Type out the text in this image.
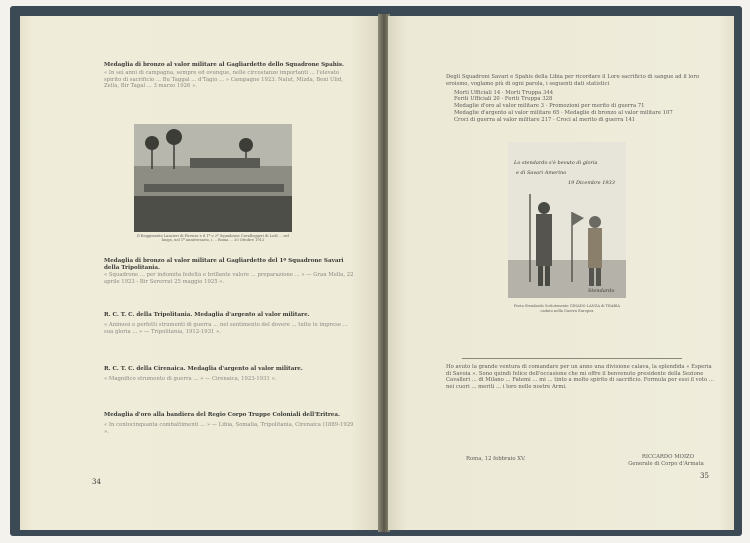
Medaglia di bronzo al valor militare al Gagliardetto dello Squadrone Spahis.
« In sei anni di campagna, sempre ed ovunque, nelle circostanze importanti ... l'elevato spirito di sacrificio ... Bu Taggal ... d'Tagio ... » Campagne 1923. Nalut, Mizda, Beni Ulid, Zella, Bir Tagal ... 3 marzo 1926 ».
Il Reggimento Lancieri di Firenze e il 1º e 2º Squadrone Cavalleggeri di Lodi ... nel luogo, nel 1º anniversario, i ... Roma ... 20 Ottobre 1912
Medaglia di bronzo al valor militare al Gagliardetto del 1º Squadrone Savari della Tripolitania.
« Squadrone ... per indomita fedeltà e brillante valore ... preparazione ... » — Gran Mella, 22 aprile 1923 - Bir Sererrat 25 maggio 1925 ».
R. C. T. C. della Tripolitania. Medaglia d'argento al valor militare.
« Animosi e perfetti strumenti di guerra ... nel sentimento del dovere ... tutte le imprese ... sua gloria ... » — Tripolitania, 1912-1931 ».
R. C. T. C. della Cirenaica. Medaglia d'argento al valor militare.
« Magnifico strumento di guerra ... » — Cirenaica, 1923-1931 ».
Medaglia d'oro alla bandiera del Regio Corpo Truppe Coloniali dell'Eritrea.
« In centocinquanta combattimenti ... » — Libia, Somalia, Tripolitania, Cirenaica (1889-1929 ».
34
Degli Squadroni Savari e Spahis della Libia per ricordare il Loro sacrificio di sangue ad il loro eroismo, voglamo più di ogni parola, i seguenti dati statistici
Morti Ufficiali 14 · Morti Truppa 344
Feriti Ufficiali 20 · Feriti Truppa 328
Medaglie d'oro al valor militare 3 · Promozioni per merito di guerra 71
Medaglie d'argento al valor militare 65 · Medaglie di bronzo al valor militare 107
Croci di guerra al valor militare 217 · Croci al merito di guerra 141
Lo stendardo s'è bevuto di gloria
e di Savari Amerino
19 Dicembre 1933
Stendardo
Porta Stendardo Sottotenente GINADO LANZA di TRABIA
caduto nella Guerra Europea
Ho avuto la grande ventura di comandare per un anno una divisione calava, la splendida « Esperia di Savoia ». Sono quindi felice dell'occasione che mi offre il benvenuto presidente della Sezione Cavalleri ... di Milano ... Fatemi ... mi ... tinto a molto spirito di sacrificio. Formula per essi il voto ... nei cuori ... meriti ... i loro nelle nostre Armi.
Roma, 12 febbraio XV.	RICCARDO MOIZO
Generale di Corpo d'Armata
35
